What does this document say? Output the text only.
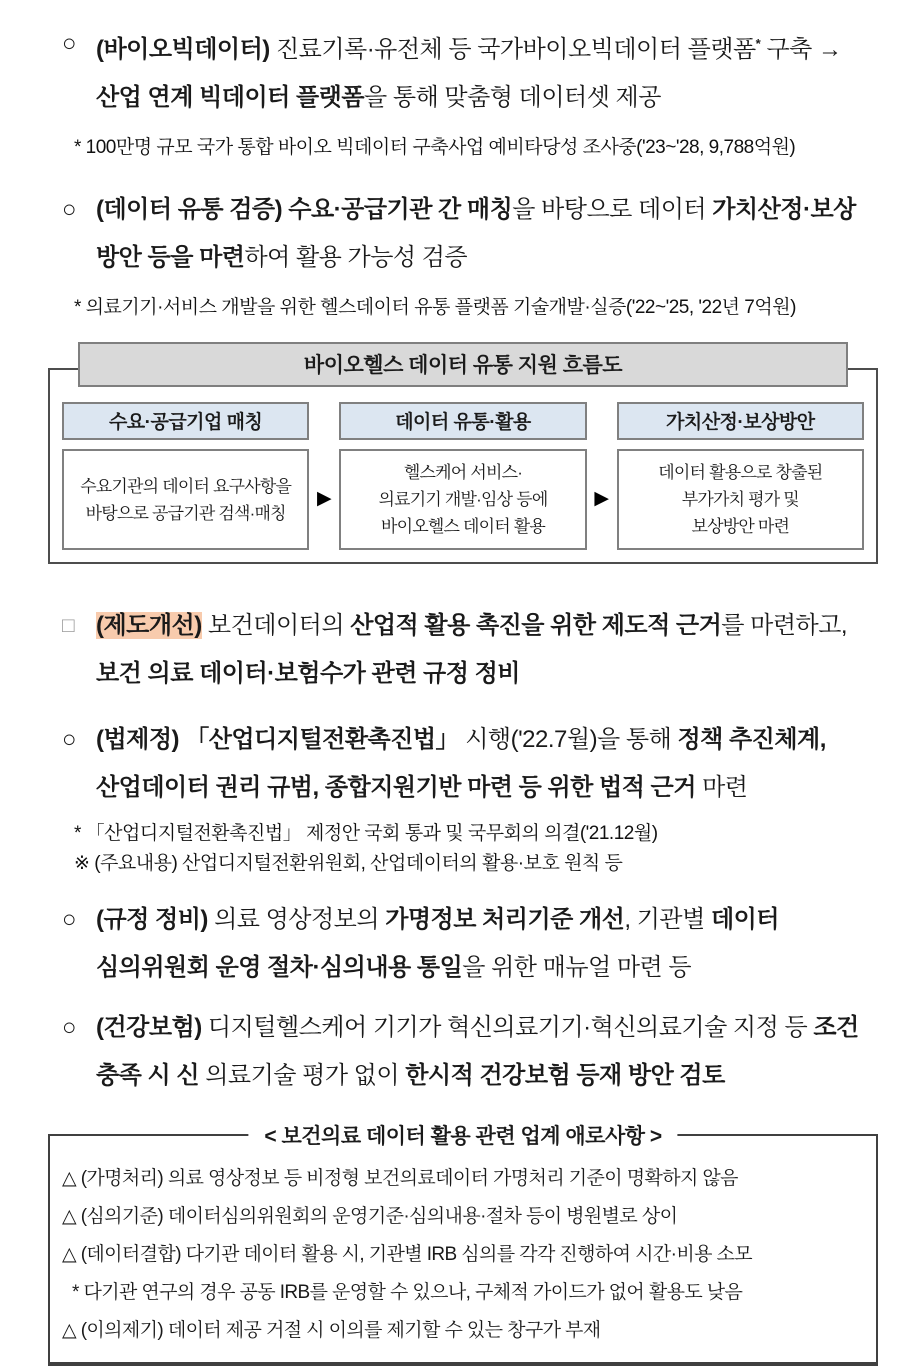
○ (바이오빅데이터) 진료기록·유전체 등 국가바이오빅데이터 플랫폼* 구축 → 산업 연계 빅데이터 플랫폼을 통해 맞춤형 데이터셋 제공
* 100만명 규모 국가 통합 바이오 빅데이터 구축사업 예비타당성 조사중('23~'28, 9,788억원)
○ (데이터 유통 검증) 수요·공급기관 간 매칭을 바탕으로 데이터 가치산정·보상 방안 등을 마련하여 활용 가능성 검증
* 의료기기·서비스 개발을 위한 헬스데이터 유통 플랫폼 기술개발·실증('22~'25, '22년 7억원)
바이오헬스 데이터 유통 지원 흐름도
수요·공급기업 매칭
수요기관의 데이터 요구사항을
바탕으로 공급기관 검색·매칭
▶
데이터 유통·활용
헬스케어 서비스·
의료기기 개발·임상 등에
바이오헬스 데이터 활용
▶
가치산정·보상방안
데이터 활용으로 창출된
부가가치 평가 및
보상방안 마련
□ (제도개선) 보건데이터의 산업적 활용 촉진을 위한 제도적 근거를 마련하고, 보건 의료 데이터·보험수가 관련 규정 정비
○ (법제정) 「산업디지털전환촉진법」 시행('22.7월)을 통해 정책 추진체계, 산업데이터 권리 규범, 종합지원기반 마련 등 위한 법적 근거 마련
* 「산업디지털전환촉진법」 제정안 국회 통과 및 국무회의 의결('21.12월)
※ (주요내용) 산업디지털전환위원회, 산업데이터의 활용·보호 원칙 등
○ (규정 정비) 의료 영상정보의 가명정보 처리기준 개선, 기관별 데이터 심의위원회 운영 절차·심의내용 통일을 위한 매뉴얼 마련 등
○ (건강보험) 디지털헬스케어 기기가 혁신의료기기·혁신의료기술 지정 등 조건 충족 시 신 의료기술 평가 없이 한시적 건강보험 등재 방안 검토
< 보건의료 데이터 활용 관련 업계 애로사항 >
△ (가명처리) 의료 영상정보 등 비정형 보건의료데이터 가명처리 기준이 명확하지 않음
△ (심의기준) 데이터심의위원회의 운영기준·심의내용·절차 등이 병원별로 상이
△ (데이터결합) 다기관 데이터 활용 시, 기관별 IRB 심의를 각각 진행하여 시간·비용 소모
* 다기관 연구의 경우 공동 IRB를 운영할 수 있으나, 구체적 가이드가 없어 활용도 낮음
△ (이의제기) 데이터 제공 거절 시 이의를 제기할 수 있는 창구가 부재
